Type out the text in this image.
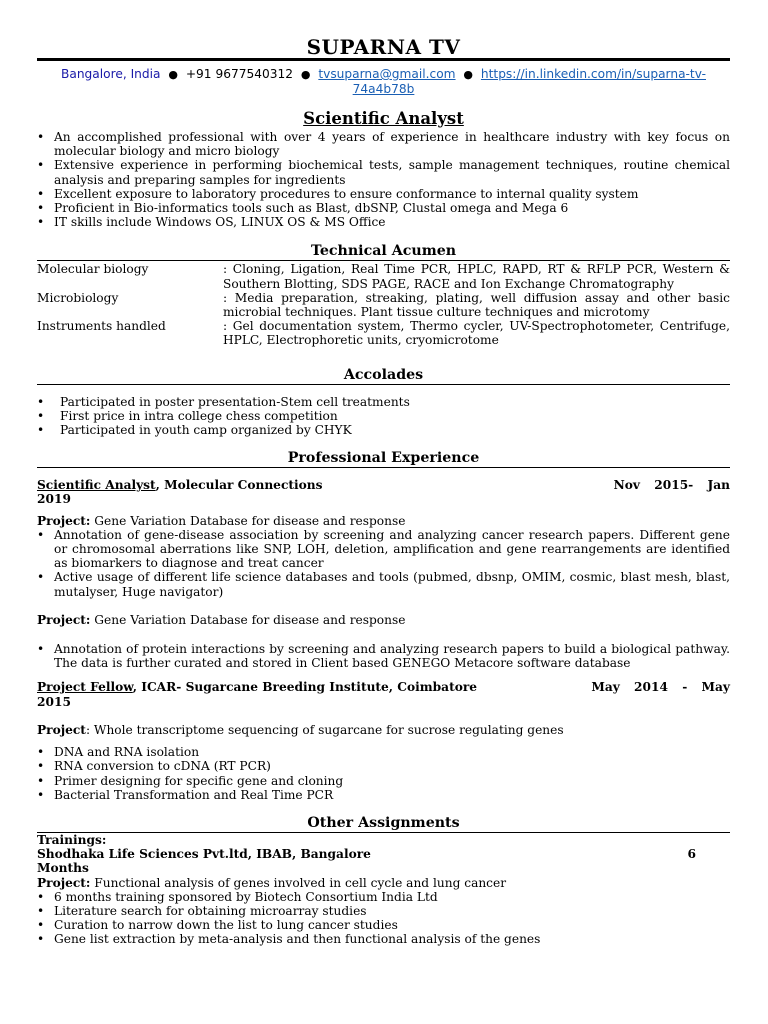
SUPARNA TV
Bangalore, India ● +91 9677540312 ● tvsuparna@gmail.com ● https://in.linkedin.com/in/suparna-tv-
74a4b78b
Scientific Analyst
• An accomplished professional with over 4 years of experience in healthcare industry with key focus on molecular biology and micro biology
• Extensive experience in performing biochemical tests, sample management techniques, routine chemical analysis and preparing samples for ingredients
• Excellent exposure to laboratory procedures to ensure conformance to internal quality system
• Proficient in Bio-informatics tools such as Blast, dbSNP, Clustal omega and Mega 6
• IT skills include Windows OS, LINUX OS & MS Office
Technical Acumen
Molecular biology	: Cloning, Ligation, Real Time PCR, HPLC, RAPD, RT & RFLP PCR, Western & Southern Blotting, SDS PAGE, RACE and Ion Exchange Chromatography
Microbiology	: Media preparation, streaking, plating, well diffusion assay and other basic microbial techniques. Plant tissue culture techniques and microtomy
Instruments handled	: Gel documentation system, Thermo cycler, UV-Spectrophotometer, Centrifuge, HPLC, Electrophoretic units, cryomicrotome
Accolades
• Participated in poster presentation-Stem cell treatments
• First price in intra college chess competition
• Participated in youth camp organized by CHYK
Professional Experience
Scientific Analyst, Molecular Connections	Nov 2015- Jan
2019
Project: Gene Variation Database for disease and response
• Annotation of gene-disease association by screening and analyzing cancer research papers. Different gene or chromosomal aberrations like SNP, LOH, deletion, amplification and gene rearrangements are identified as biomarkers to diagnose and treat cancer
• Active usage of different life science databases and tools (pubmed, dbsnp, OMIM, cosmic, blast mesh, blast, mutalyser, Huge navigator)
Project: Gene Variation Database for disease and response
• Annotation of protein interactions by screening and analyzing research papers to build a biological pathway. The data is further curated and stored in Client based GENEGO Metacore software database
Project Fellow, ICAR- Sugarcane Breeding Institute, Coimbatore	May 2014 - May
2015
Project: Whole transcriptome sequencing of sugarcane for sucrose regulating genes
• DNA and RNA isolation
• RNA conversion to cDNA (RT PCR)
• Primer designing for specific gene and cloning
• Bacterial Transformation and Real Time PCR
Other Assignments
Trainings:
Shodhaka Life Sciences Pvt.ltd, IBAB, Bangalore	6
Months
Project: Functional analysis of genes involved in cell cycle and lung cancer
• 6 months training sponsored by Biotech Consortium India Ltd
• Literature search for obtaining microarray studies
• Curation to narrow down the list to lung cancer studies
• Gene list extraction by meta-analysis and then functional analysis of the genes
